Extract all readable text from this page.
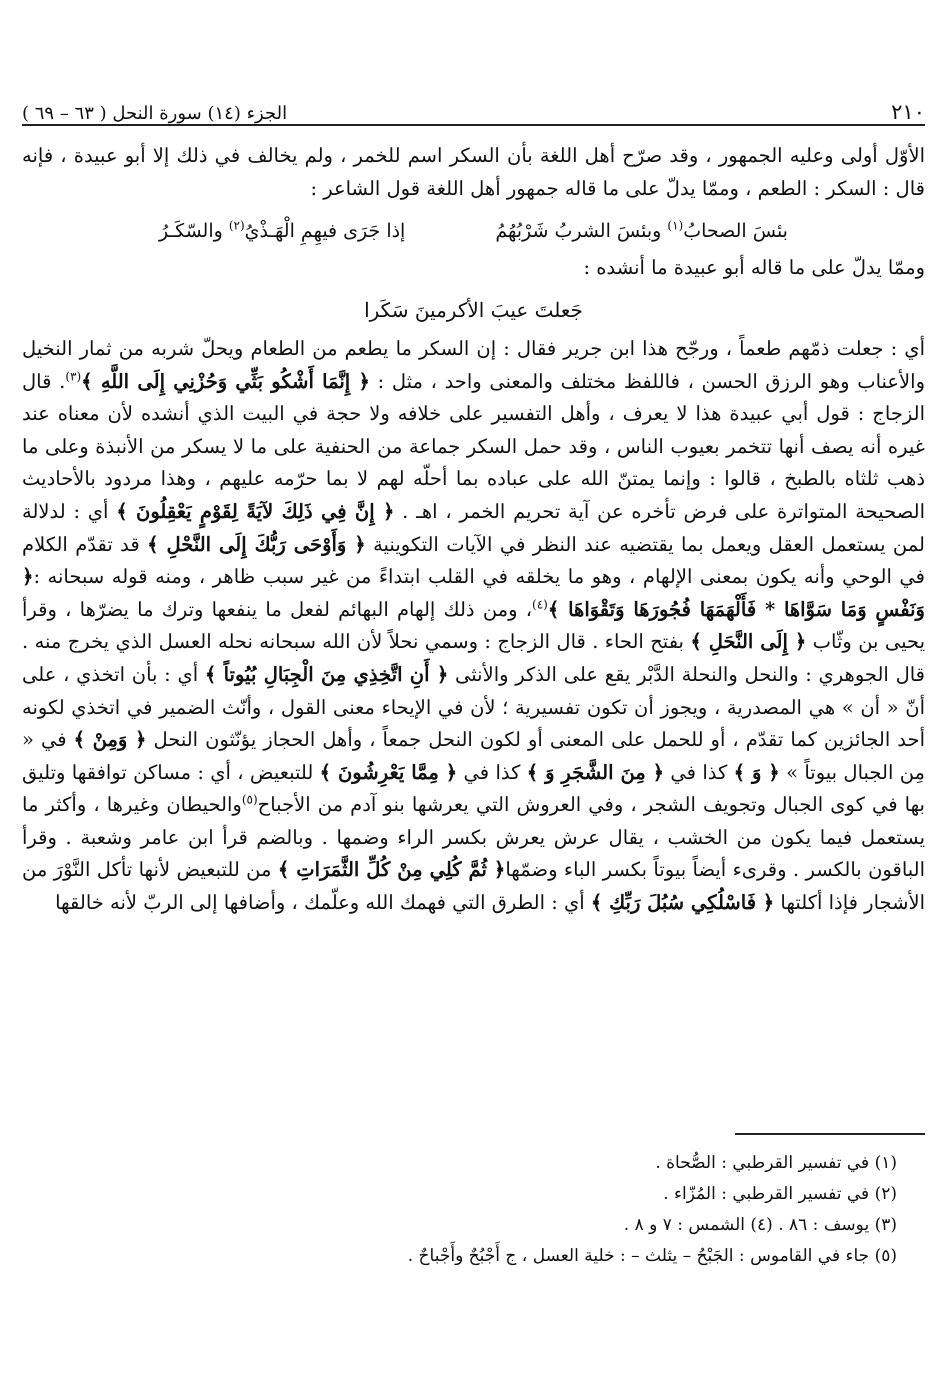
٢١٠
الجزء (١٤) سورة النحل ( ٦٣ – ٦٩ )

الأوّل أولى وعليه الجمهور ، وقد صرّح أهل اللغة بأن السكر اسم للخمر ، ولم يخالف في ذلك إلا أبو عبيدة ، فإنه قال : السكر : الطعم ، وممّا يدلّ على ما قاله جمهور أهل اللغة قول الشاعر :

بئسَ الصحابُ$^{(١)}$ وبئسَ الشربُ شَرْبُهُمُ
إذا جَرَى فيهِمِ الْهَـذْيُ$^{(٢)}$ والسّكَـرُ

وممّا يدلّ على ما قاله أبو عبيدة ما أنشده :

جَعلتَ عيبَ الأكرمينَ سَكَرا

أي : جعلت ذمّهم طعماً ، ورجّح هذا ابن جرير فقال : إن السكر ما يطعم من الطعام ويحلّ شربه من ثمار النخيل والأعناب وهو الرزق الحسن ، فاللفظ مختلف والمعنى واحد ، مثل : ﴿ إِنَّمَا أَشْكُو بَثِّي وَحُزْنِي إِلَى اللَّهِ ﴾$^{(٣)}$. قال الزجاج : قول أبي عبيدة هذا لا يعرف ، وأهل التفسير على خلافه ولا حجة في البيت الذي أنشده لأن معناه عند غيره أنه يصف أنها تتخمر بعيوب الناس ، وقد حمل السكر جماعة من الحنفية على ما لا يسكر من الأنبذة وعلى ما ذهب ثلثاه بالطبخ ، قالوا : وإنما يمتنّ الله على عباده بما أحلّه لهم لا بما حرّمه عليهم ، وهذا مردود بالأحاديث الصحيحة المتواترة على فرض تأخره عن آية تحريم الخمر ، اهـ . ﴿ إِنَّ فِي ذَلِكَ لآيَةً لِقَوْمٍ يَعْقِلُونَ ﴾ أي : لدلالة لمن يستعمل العقل ويعمل بما يقتضيه عند النظر في الآيات التكوينية ﴿ وَأَوْحَى رَبُّكَ إِلَى النَّحْلِ ﴾ قد تقدّم الكلام في الوحي وأنه يكون بمعنى الإلهام ، وهو ما يخلقه في القلب ابتداءً من غير سبب ظاهر ، ومنه قوله سبحانه :﴿ وَنَفْسٍ وَمَا سَوَّاهَا * فَأَلْهَمَهَا فُجُورَهَا وَتَقْوَاهَا ﴾$^{(٤)}$، ومن ذلك إلهام البهائم لفعل ما ينفعها وترك ما يضرّها ، وقرأ يحيى بن وثّاب ﴿ إِلَى النَّحَلِ ﴾ بفتح الحاء . قال الزجاج : وسمي نحلاً لأن الله سبحانه نحله العسل الذي يخرج منه . قال الجوهري : والنحل والنحلة الدَّبْر يقع على الذكر والأنثى ﴿ أَنِ اتَّخِذِي مِنَ الْجِبَالِ بُيُوتاً ﴾ أي : بأن اتخذي ، على أنّ « أن » هي المصدرية ، ويجوز أن تكون تفسيرية ؛ لأن في الإيحاء معنى القول ، وأنّث الضمير في اتخذي لكونه أحد الجائزين كما تقدّم ، أو للحمل على المعنى أو لكون النحل جمعاً ، وأهل الحجاز يؤنّثون النحل ﴿ وَمِنْ ﴾ في « مِن الجبال بيوتاً » ﴿ وَ ﴾ كذا في ﴿ مِنَ الشَّجَرِ وَ ﴾ كذا في ﴿ مِمَّا يَعْرِشُونَ ﴾ للتبعيض ، أي : مساكن توافقها وتليق بها في كوى الجبال وتجويف الشجر ، وفي العروش التي يعرشها بنو آدم من الأجباح$^{(٥)}$والحيطان وغيرها ، وأكثر ما يستعمل فيما يكون من الخشب ، يقال عرش يعرش بكسر الراء وضمها . وبالضم قرأ ابن عامر وشعبة . وقرأ الباقون بالكسر . وقرىء أيضاً بيوتاً بكسر الباء وضمّها﴿ ثُمَّ كُلِي مِنْ كُلِّ الثَّمَرَاتِ ﴾ من للتبعيض لأنها تأكل النَّوْرَ من الأشجار فإذا أكلتها ﴿ فَاسْلُكِي سُبُلَ رَبِّكِ ﴾ أي : الطرق التي فهمك الله وعلّمك ، وأضافها إلى الربّ لأنه خالقها

(١) في تفسير القرطبي : الصُّحاة .
(٢) في تفسير القرطبي : المُزّاء .
(٣) يوسف : ٨٦ . (٤) الشمس : ٧ و ٨ .
(٥) جاء في القاموس : الجَبْحُ – يثلث – : خلية العسل ، ج أَجْبُحٌ وأَجْباحٌ .
